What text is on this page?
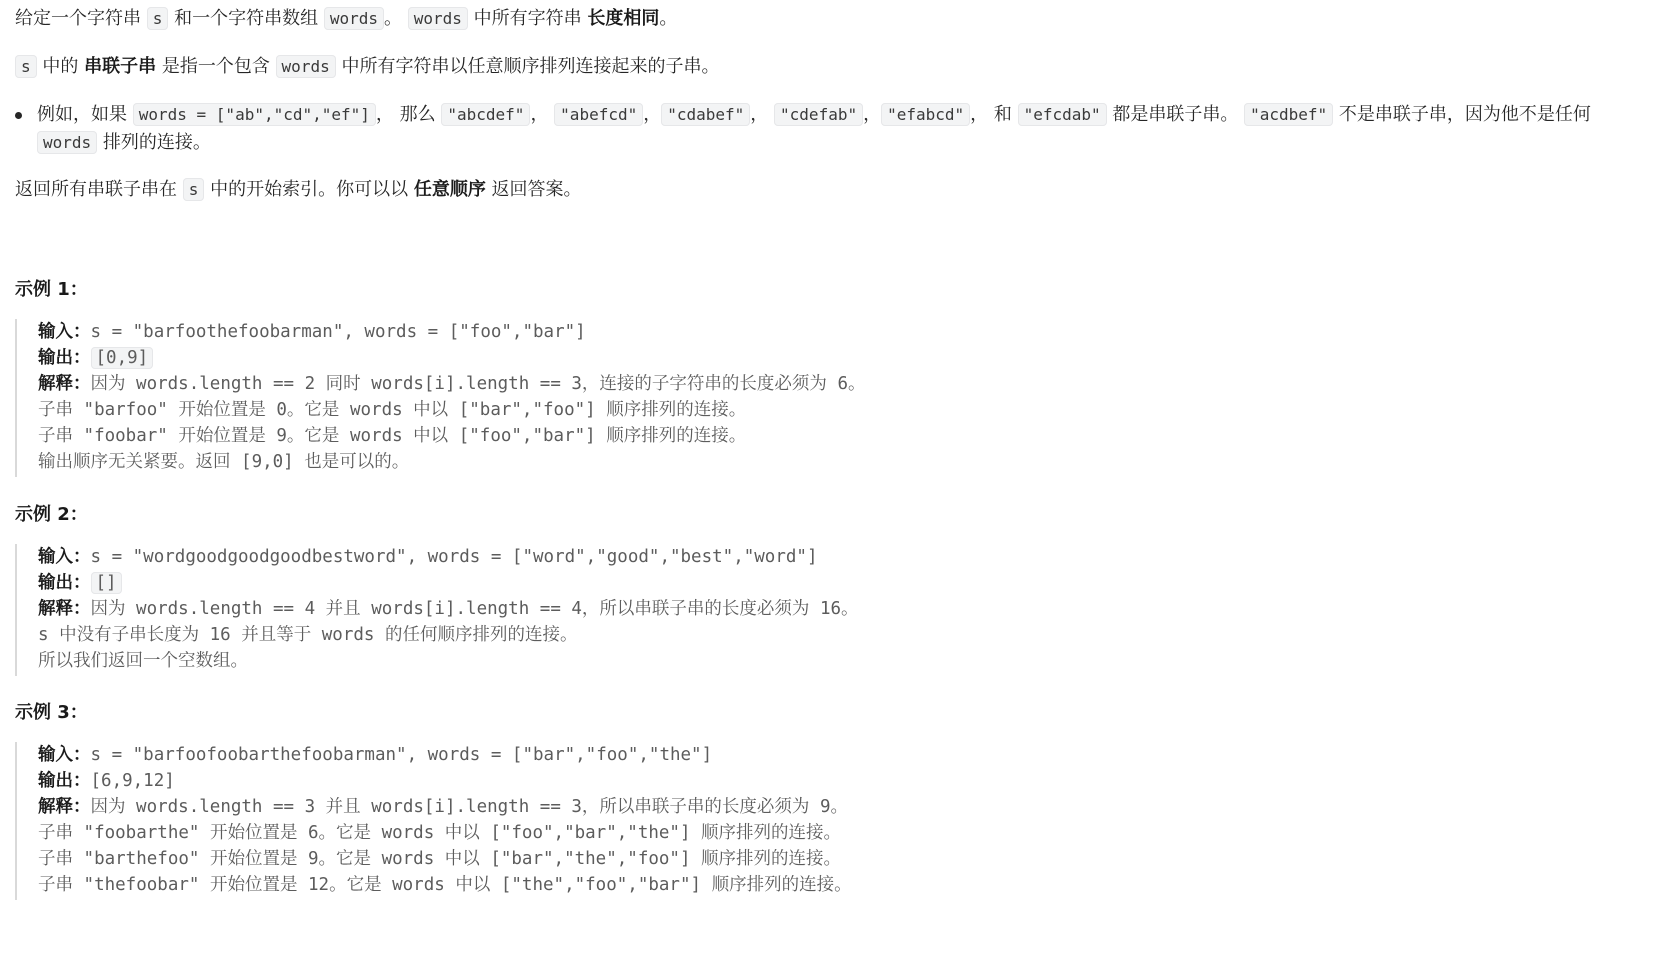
给定一个字符串 s 和一个字符串数组 words 。 words 中所有字符串 长度相同。
s 中的 串联子串 是指一个包含 words 中所有字符串以任意顺序排列连接起来的子串。
例如，如果 words = ["ab","cd","ef"] ， 那么 "abcdef" ， "abefcd" ， "cdabef" ， "cdefab" ， "efabcd" ， 和 "efcdab" 都是串联子串。 "acdbef" 不是串联子串，因为他不是任何 words 排列的连接。
返回所有串联子串在 s 中的开始索引。你可以以 任意顺序 返回答案。
示例 1：
输入：s = "barfoothefoobarman", words = ["foo","bar"]
输出： [0,9]
解释：因为 words.length == 2 同时 words[i].length == 3，连接的子字符串的长度必须为 6。
子串 "barfoo" 开始位置是 0。它是 words 中以 ["bar","foo"] 顺序排列的连接。
子串 "foobar" 开始位置是 9。它是 words 中以 ["foo","bar"] 顺序排列的连接。
输出顺序无关紧要。返回 [9,0] 也是可以的。
示例 2：
输入：s = "wordgoodgoodgoodbestword", words = ["word","good","best","word"]
输出： []
解释：因为 words.length == 4 并且 words[i].length == 4，所以串联子串的长度必须为 16。
s 中没有子串长度为 16 并且等于 words 的任何顺序排列的连接。
所以我们返回一个空数组。
示例 3：
输入：s = "barfoofoobarthefoobarman", words = ["bar","foo","the"]
输出：[6,9,12]
解释：因为 words.length == 3 并且 words[i].length == 3，所以串联子串的长度必须为 9。
子串 "foobarthe" 开始位置是 6。它是 words 中以 ["foo","bar","the"] 顺序排列的连接。
子串 "barthefoo" 开始位置是 9。它是 words 中以 ["bar","the","foo"] 顺序排列的连接。
子串 "thefoobar" 开始位置是 12。它是 words 中以 ["the","foo","bar"] 顺序排列的连接。
